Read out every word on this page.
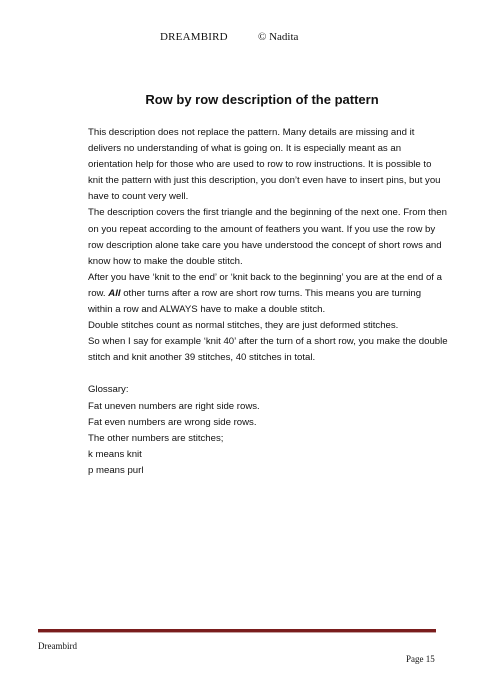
DREAMBIRD	© Nadita
Row by row description of the pattern

This description does not replace the pattern. Many details are missing and it delivers no understanding of what is going on. It is especially meant as an orientation help for those who are used to row to row instructions. It is possible to knit the pattern with just this description, you don’t even have to insert pins, but you have to count very well.

The description covers the first triangle and the beginning of the next one. From then on you repeat according to the amount of feathers you want. If you use the row by row description alone take care you have understood the concept of short rows and know how to make the double stitch.

After you have ‘knit to the end’ or ‘knit back to the beginning’ you are at the end of a row. All other turns after a row are short row turns. This means you are turning within a row and ALWAYS have to make a double stitch.

Double stitches count as normal stitches, they are just deformed stitches.

So when I say for example ‘knit 40’ after the turn of a short row, you make the double stitch and knit another 39 stitches, 40 stitches in total.

Glossary:

Fat uneven numbers are right side rows.

Fat even numbers are wrong side rows.

The other numbers are stitches;

k means knit

p means purl

Dreambird
Page 15
